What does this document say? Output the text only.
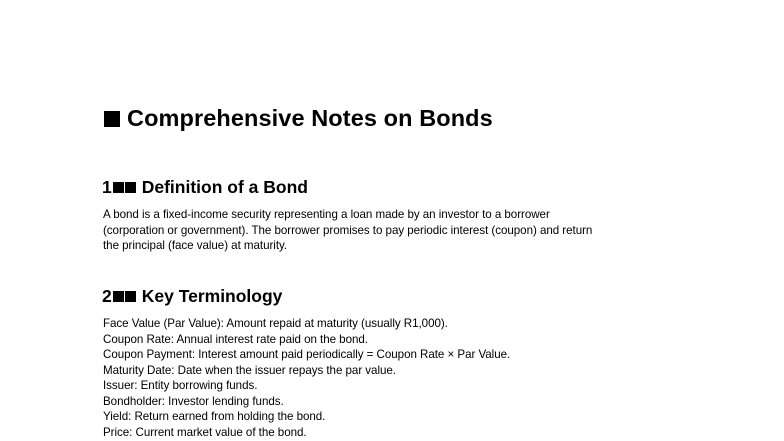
Comprehensive Notes on Bonds
1 Definition of a Bond

A bond is a fixed-income security representing a loan made by an investor to a borrower
(corporation or government). The borrower promises to pay periodic interest (coupon) and return
the principal (face value) at maturity.

2 Key Terminology
Face Value (Par Value): Amount repaid at maturity (usually R1,000).
Coupon Rate: Annual interest rate paid on the bond.
Coupon Payment: Interest amount paid periodically = Coupon Rate × Par Value.
Maturity Date: Date when the issuer repays the par value.
Issuer: Entity borrowing funds.
Bondholder: Investor lending funds.
Yield: Return earned from holding the bond.
Price: Current market value of the bond.
